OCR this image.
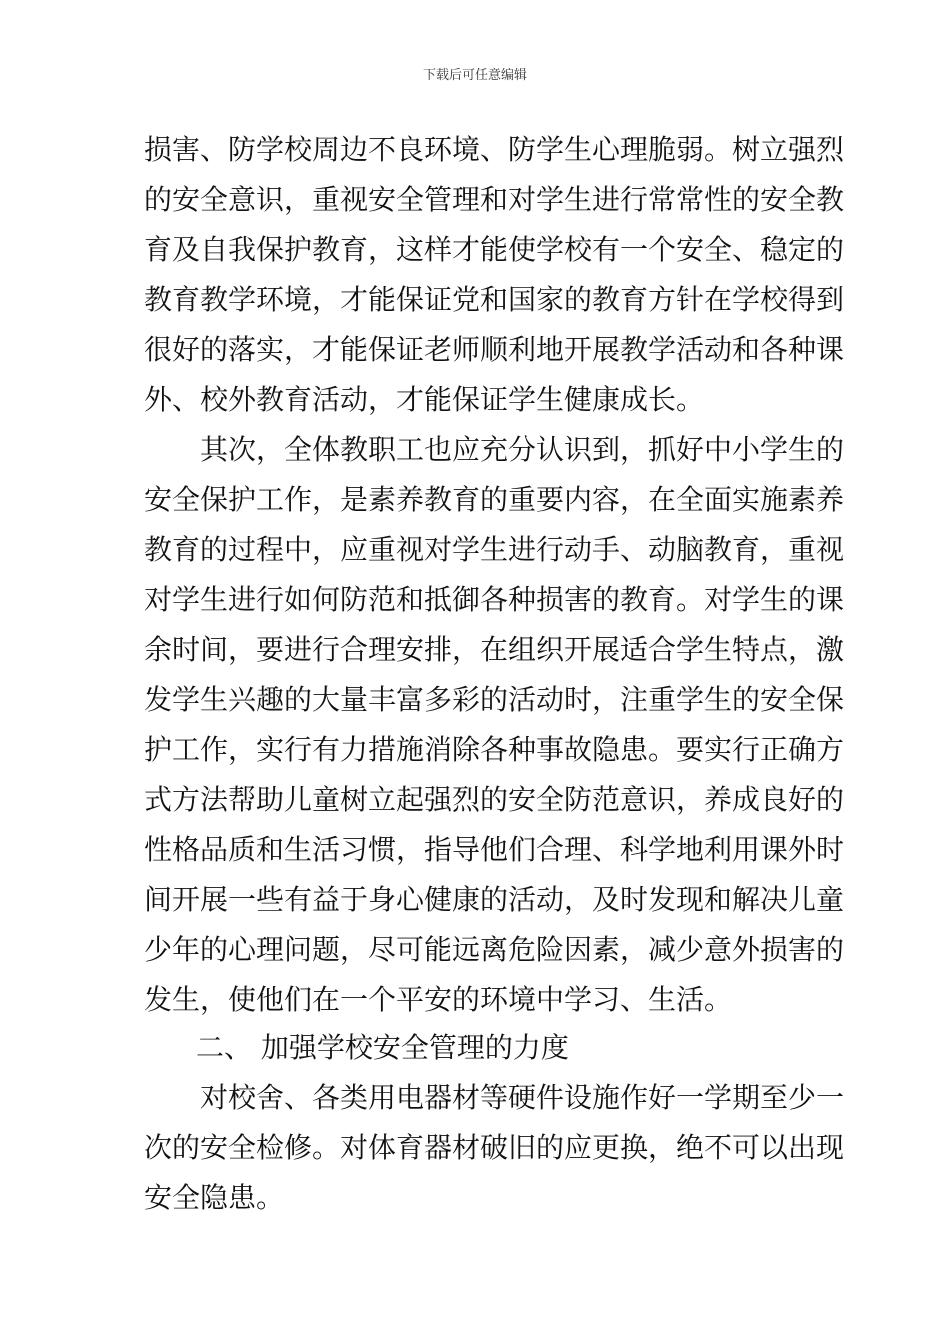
下载后可任意编辑
损害、防学校周边不良环境、防学生心理脆弱。树立强烈
的安全意识，重视安全管理和对学生进行常常性的安全教
育及自我保护教育，这样才能使学校有一个安全、稳定的
教育教学环境，才能保证党和国家的教育方针在学校得到
很好的落实，才能保证老师顺利地开展教学活动和各种课
外、校外教育活动，才能保证学生健康成长。
其次，全体教职工也应充分认识到，抓好中小学生的
安全保护工作，是素养教育的重要内容，在全面实施素养
教育的过程中，应重视对学生进行动手、动脑教育，重视
对学生进行如何防范和抵御各种损害的教育。对学生的课
余时间，要进行合理安排，在组织开展适合学生特点，激
发学生兴趣的大量丰富多彩的活动时，注重学生的安全保
护工作，实行有力措施消除各种事故隐患。要实行正确方
式方法帮助儿童树立起强烈的安全防范意识，养成良好的
性格品质和生活习惯，指导他们合理、科学地利用课外时
间开展一些有益于身心健康的活动，及时发现和解决儿童
少年的心理问题，尽可能远离危险因素，减少意外损害的
发生，使他们在一个平安的环境中学习、生活。
二、 加强学校安全管理的力度
对校舍、各类用电器材等硬件设施作好一学期至少一
次的安全检修。对体育器材破旧的应更换，绝不可以出现
安全隐患。
